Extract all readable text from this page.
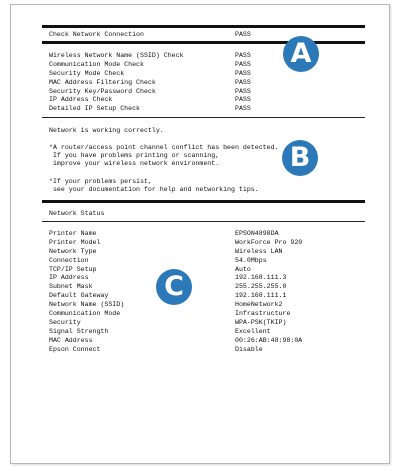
Check Network Connection	PASS
Wireless Network Name (SSID) Check	PASS
Communication Mode Check	PASS
Security Mode Check	PASS
MAC Address Filtering Check	PASS
Security Key/Password Check	PASS
IP Address Check	PASS
Detailed IP Setup Check	PASS
Network is working correctly.
*A router/access point channel conflict has been detected.
If you have problems printing or scanning,
improve your wireless network environment.
*If your problems persist,
see your documentation for help and networking tips.
Network Status
Printer Name	EPSON4898DA
Printer Model	WorkForce Pro 920
Network Type	Wireless LAN
Connection	54.0Mbps
TCP/IP Setup	Auto
IP Address	192.168.111.3
Subnet Mask	255.255.255.0
Default Gateway	192.168.111.1
Network Name (SSID)	HomeNetwork2
Communication Mode	Infrastructure
Security	WPA-PSK(TKIP)
Signal Strength	Excellent
MAC Address	00:26:AB:48:98:0A
Epson Connect	Disable
A
B
C
